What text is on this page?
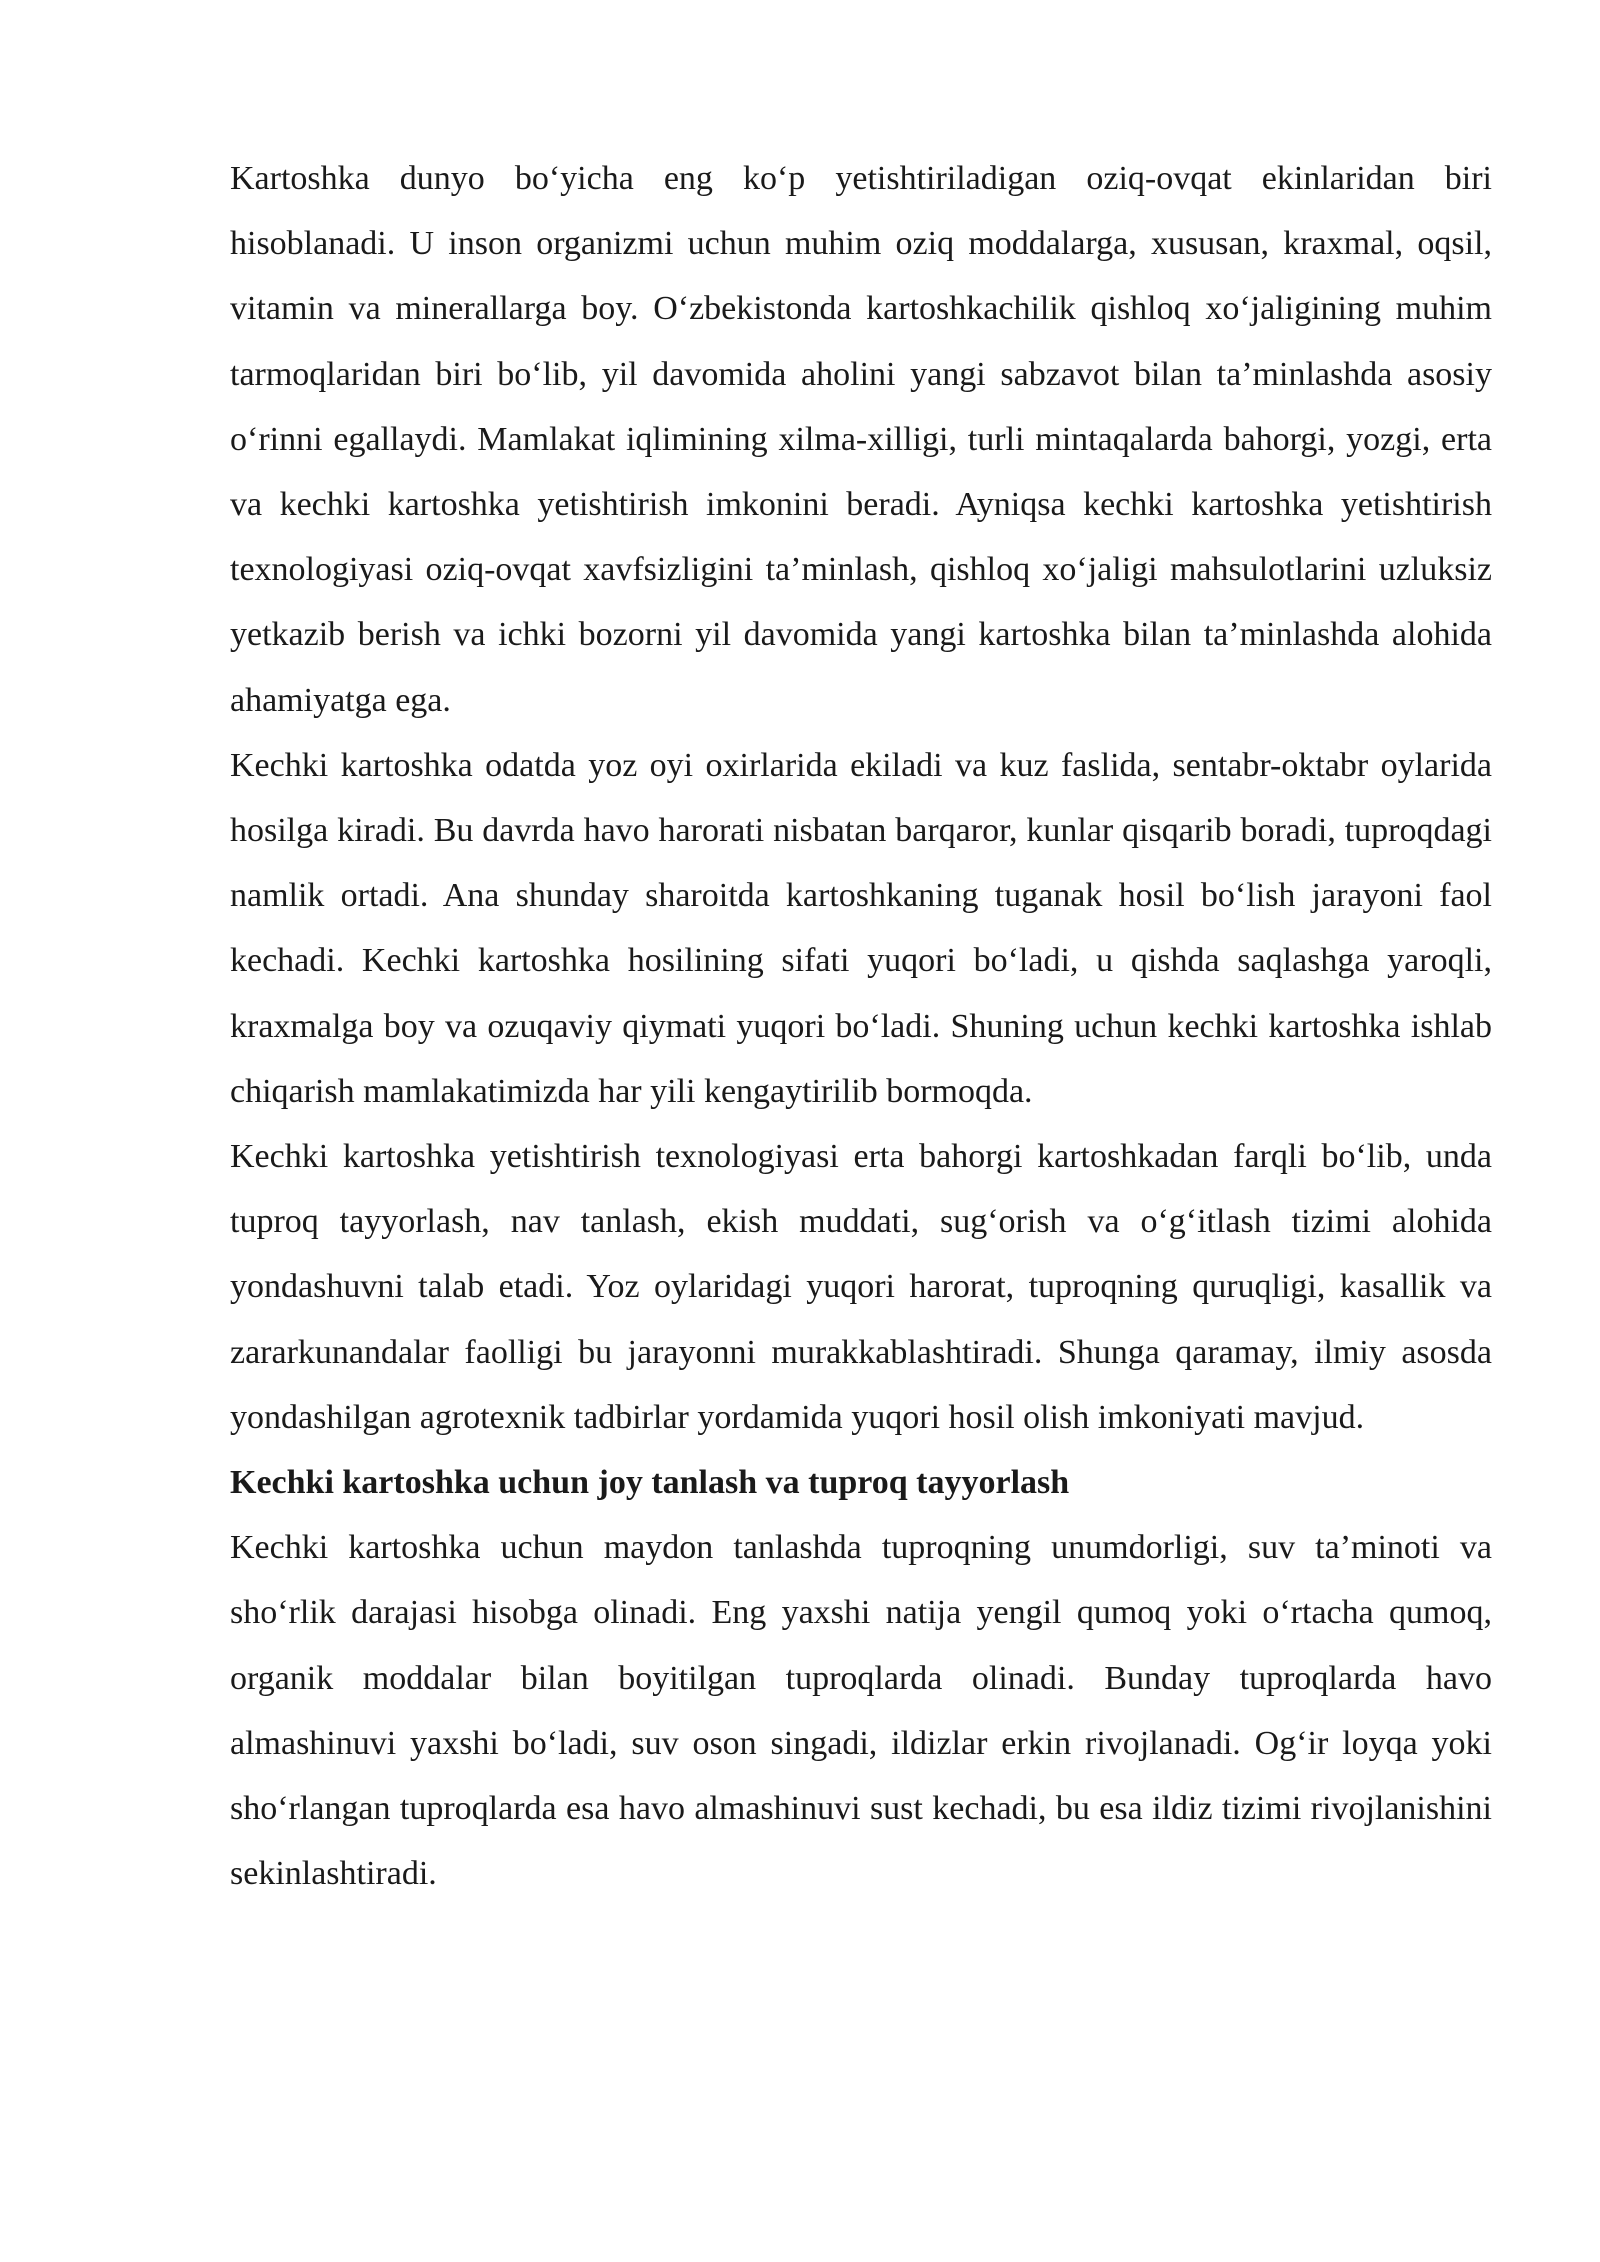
Kartoshka dunyo bo‘yicha eng ko‘p yetishtiriladigan oziq-ovqat ekinlaridan biri hisoblanadi. U inson organizmi uchun muhim oziq moddalarga, xususan, kraxmal, oqsil, vitamin va minerallarga boy. O‘zbekistonda kartoshkachilik qishloq xo‘jaligining muhim tarmoqlaridan biri bo‘lib, yil davomida aholini yangi sabzavot bilan ta’minlashda asosiy o‘rinni egallaydi. Mamlakat iqlimining xilma-xilligi, turli mintaqalarda bahorgi, yozgi, erta va kechki kartoshka yetishtirish imkonini beradi. Ayniqsa kechki kartoshka yetishtirish texnologiyasi oziq-ovqat xavfsizligini ta’minlash, qishloq xo‘jaligi mahsulotlarini uzluksiz yetkazib berish va ichki bozorni yil davomida yangi kartoshka bilan ta’minlashda alohida ahamiyatga ega.

Kechki kartoshka odatda yoz oyi oxirlarida ekiladi va kuz faslida, sentabr-oktabr oylarida hosilga kiradi. Bu davrda havo harorati nisbatan barqaror, kunlar qisqarib boradi, tuproqdagi namlik ortadi. Ana shunday sharoitda kartoshkaning tuganak hosil bo‘lish jarayoni faol kechadi. Kechki kartoshka hosilining sifati yuqori bo‘ladi, u qishda saqlashga yaroqli, kraxmalga boy va ozuqaviy qiymati yuqori bo‘ladi. Shuning uchun kechki kartoshka ishlab chiqarish mamlakatimizda har yili kengaytirilib bormoqda.

Kechki kartoshka yetishtirish texnologiyasi erta bahorgi kartoshkadan farqli bo‘lib, unda tuproq tayyorlash, nav tanlash, ekish muddati, sug‘orish va o‘g‘itlash tizimi alohida yondashuvni talab etadi. Yoz oylaridagi yuqori harorat, tuproqning quruqligi, kasallik va zararkunandalar faolligi bu jarayonni murakkablashtiradi. Shunga qaramay, ilmiy asosda yondashilgan agrotexnik tadbirlar yordamida yuqori hosil olish imkoniyati mavjud.

Kechki kartoshka uchun joy tanlash va tuproq tayyorlash

Kechki kartoshka uchun maydon tanlashda tuproqning unumdorligi, suv ta’minoti va sho‘rlik darajasi hisobga olinadi. Eng yaxshi natija yengil qumoq yoki o‘rtacha qumoq, organik moddalar bilan boyitilgan tuproqlarda olinadi. Bunday tuproqlarda havo almashinuvi yaxshi bo‘ladi, suv oson singadi, ildizlar erkin rivojlanadi. Og‘ir loyqa yoki sho‘rlangan tuproqlarda esa havo almashinuvi sust kechadi, bu esa ildiz tizimi rivojlanishini sekinlashtiradi.
